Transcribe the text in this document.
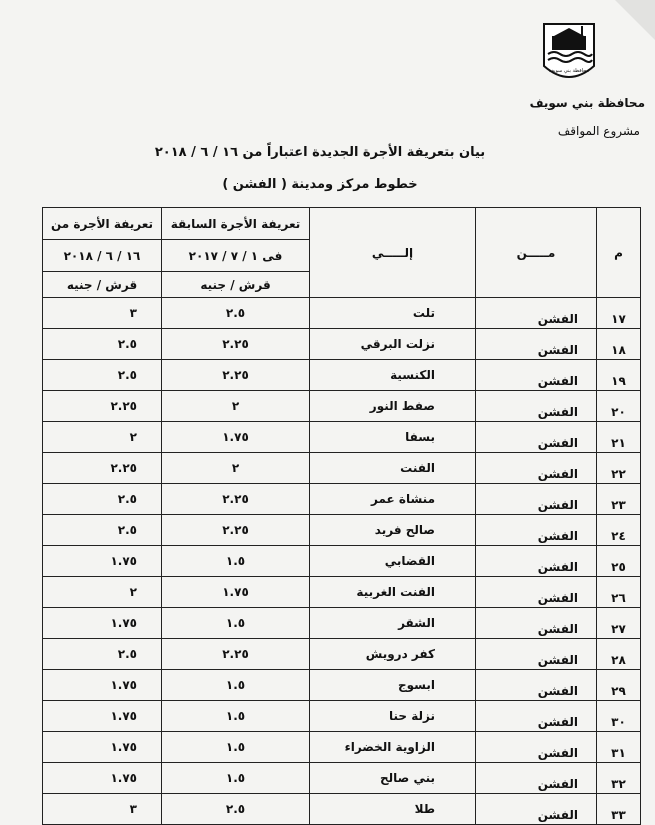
محافظة بني سويف
محافظة بني سويف
مشروع المواقف
بيان بتعريفة الأجرة الجديدة اعتباراً من ١٦ / ٦ / ٢٠١٨
خطوط مركز ومدينة ( الفشن )
م	مـــــن	إلـــــي	تعريفة الأجرة السابقة	تعريفة الأجرة من
			فى ١ / ٧ / ٢٠١٧	١٦ / ٦ / ٢٠١٨
			قرش / جنيه	قرش / جنيه
١٧	الفشن	تلت	٢.٥	٣
١٨	الفشن	نزلت البرقي	٢.٢٥	٢.٥
١٩	الفشن	الكنسية	٢.٢٥	٢.٥
٢٠	الفشن	صفط النور	٢	٢.٢٥
٢١	الفشن	بسفا	١.٧٥	٢
٢٢	الفشن	الفنت	٢	٢.٢٥
٢٣	الفشن	منشاة عمر	٢.٢٥	٢.٥
٢٤	الفشن	صالح فريد	٢.٢٥	٢.٥
٢٥	الفشن	القضابي	١.٥	١.٧٥
٢٦	الفشن	الفنت الغربية	١.٧٥	٢
٢٧	الفشن	الشقر	١.٥	١.٧٥
٢٨	الفشن	كفر درويش	٢.٢٥	٢.٥
٢٩	الفشن	ابسوج	١.٥	١.٧٥
٣٠	الفشن	نزلة حنا	١.٥	١.٧٥
٣١	الفشن	الزاوية الخضراء	١.٥	١.٧٥
٣٢	الفشن	بني صالح	١.٥	١.٧٥
٣٣	الفشن	طلا	٢.٥	٣
